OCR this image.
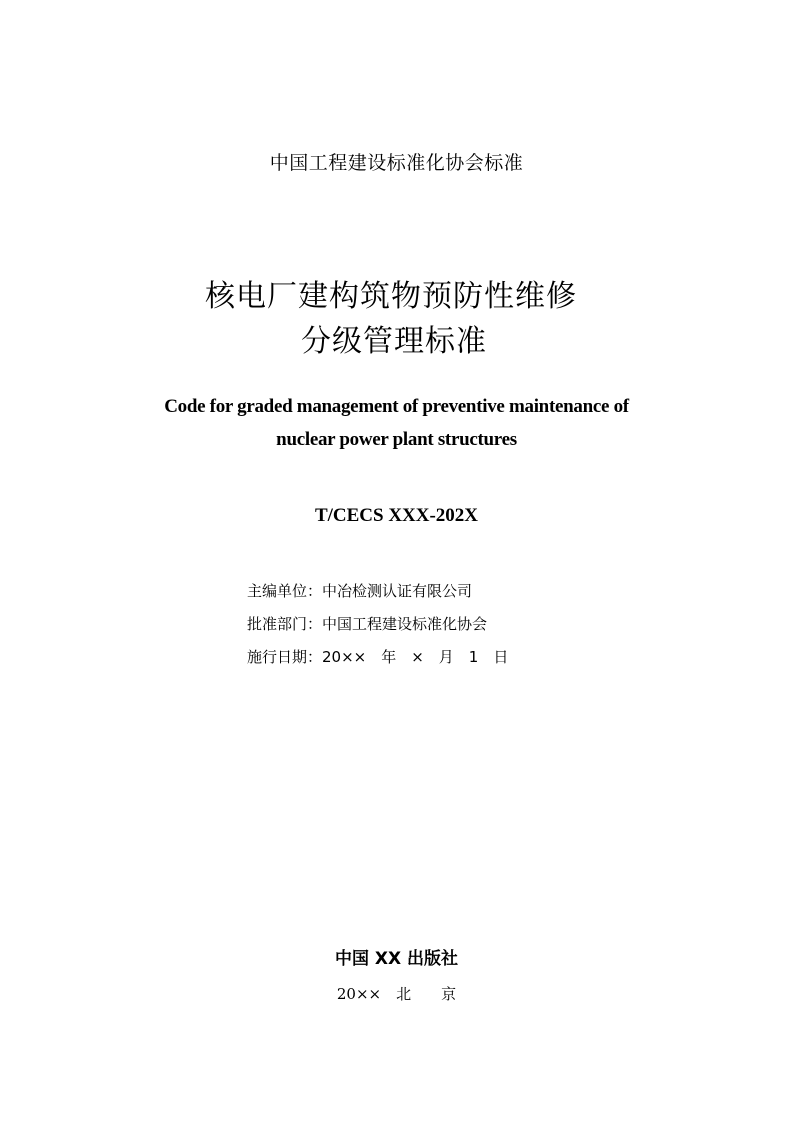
中国工程建设标准化协会标准
核电厂建构筑物预防性维修
分级管理标准
Code for graded management of preventive maintenance of
nuclear power plant structures
T/CECS XXX-202X
主编单位：中冶检测认证有限公司
批准部门：中国工程建设标准化协会
施行日期：20××　年　×　月　1　日
中国 XX 出版社
20××　北　　京
